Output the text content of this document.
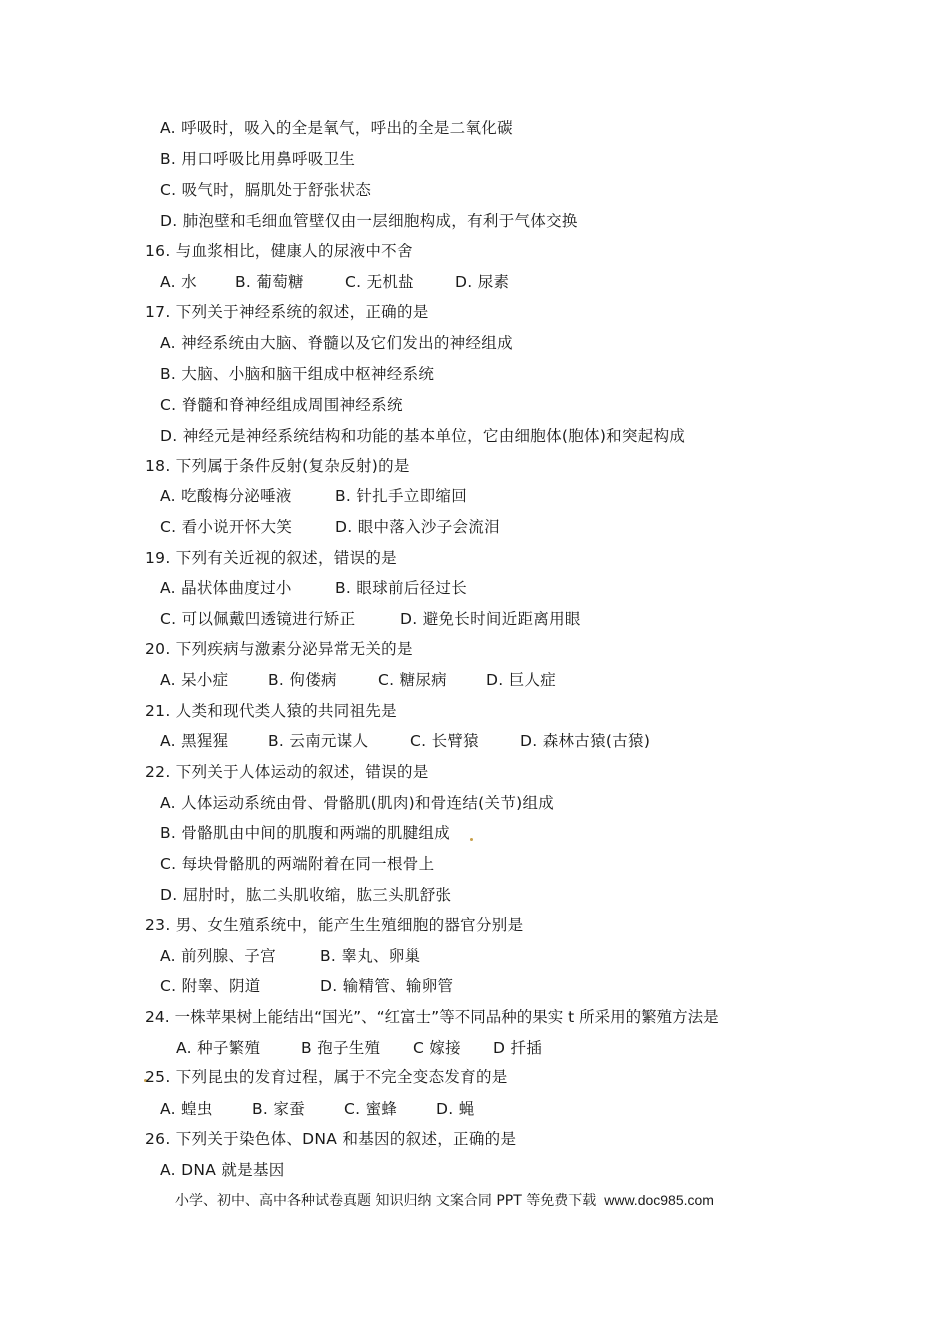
A. 呼吸时，吸入的全是氧气，呼出的全是二氧化碳
B. 用口呼吸比用鼻呼吸卫生
C. 吸气时，膈肌处于舒张状态
D. 肺泡壁和毛细血管壁仅由一层细胞构成，有利于气体交换
16. 与血浆相比，健康人的尿液中不舍
A. 水 B. 葡萄糖	C. 无机盐	D. 尿素
17. 下列关于神经系统的叙述，正确的是
A. 神经系统由大脑、脊髓以及它们发出的神经组成
B. 大脑、小脑和脑干组成中枢神经系统
C. 脊髓和脊神经组成周围神经系统
D. 神经元是神经系统结构和功能的基本单位，它由细胞体(胞体)和突起构成
18. 下列属于条件反射(复杂反射)的是
A. 吃酸梅分泌唾液	B. 针扎手立即缩回
C. 看小说开怀大笑	D. 眼中落入沙子会流泪
19. 下列有关近视的叙述，错误的是
A. 晶状体曲度过小	B. 眼球前后径过长
C. 可以佩戴凹透镜进行矫正	D. 避免长时间近距离用眼
20. 下列疾病与激素分泌异常无关的是
A. 呆小症	B. 佝偻病	C. 糖尿病	D. 巨人症
21. 人类和现代类人猿的共同祖先是
A. 黑猩猩	B. 云南元谋人	C. 长臂猿	D. 森林古猿(古猿)
22. 下列关于人体运动的叙述，错误的是
A. 人体运动系统由骨、骨骼肌(肌肉)和骨连结(关节)组成
B. 骨骼肌由中间的肌腹和两端的肌腱组成
C. 每块骨骼肌的两端附着在同一根骨上
D. 屈肘时，肱二头肌收缩，肱三头肌舒张
23. 男、女生殖系统中，能产生生殖细胞的器官分别是
A. 前列腺、子宫	B. 睾丸、卵巢
C. 附睾、阴道	D. 输精管、输卵管
24. 一株苹果树上能结出“国光”、“红富士”等不同品种的果实 t 所采用的繁殖方法是
A. 种子繁殖	B 孢子生殖 C 嫁接 D 扦插
25. 下列昆虫的发育过程，属于不完全变态发育的是
A. 蝗虫	B. 家蚕	C. 蜜蜂	D. 蝇
26. 下列关于染色体、DNA 和基因的叙述，正确的是
A. DNA 就是基因
小学、初中、高中各种试卷真题 知识归纳 文案合同 PPT 等免费下载 www.doc985.com
